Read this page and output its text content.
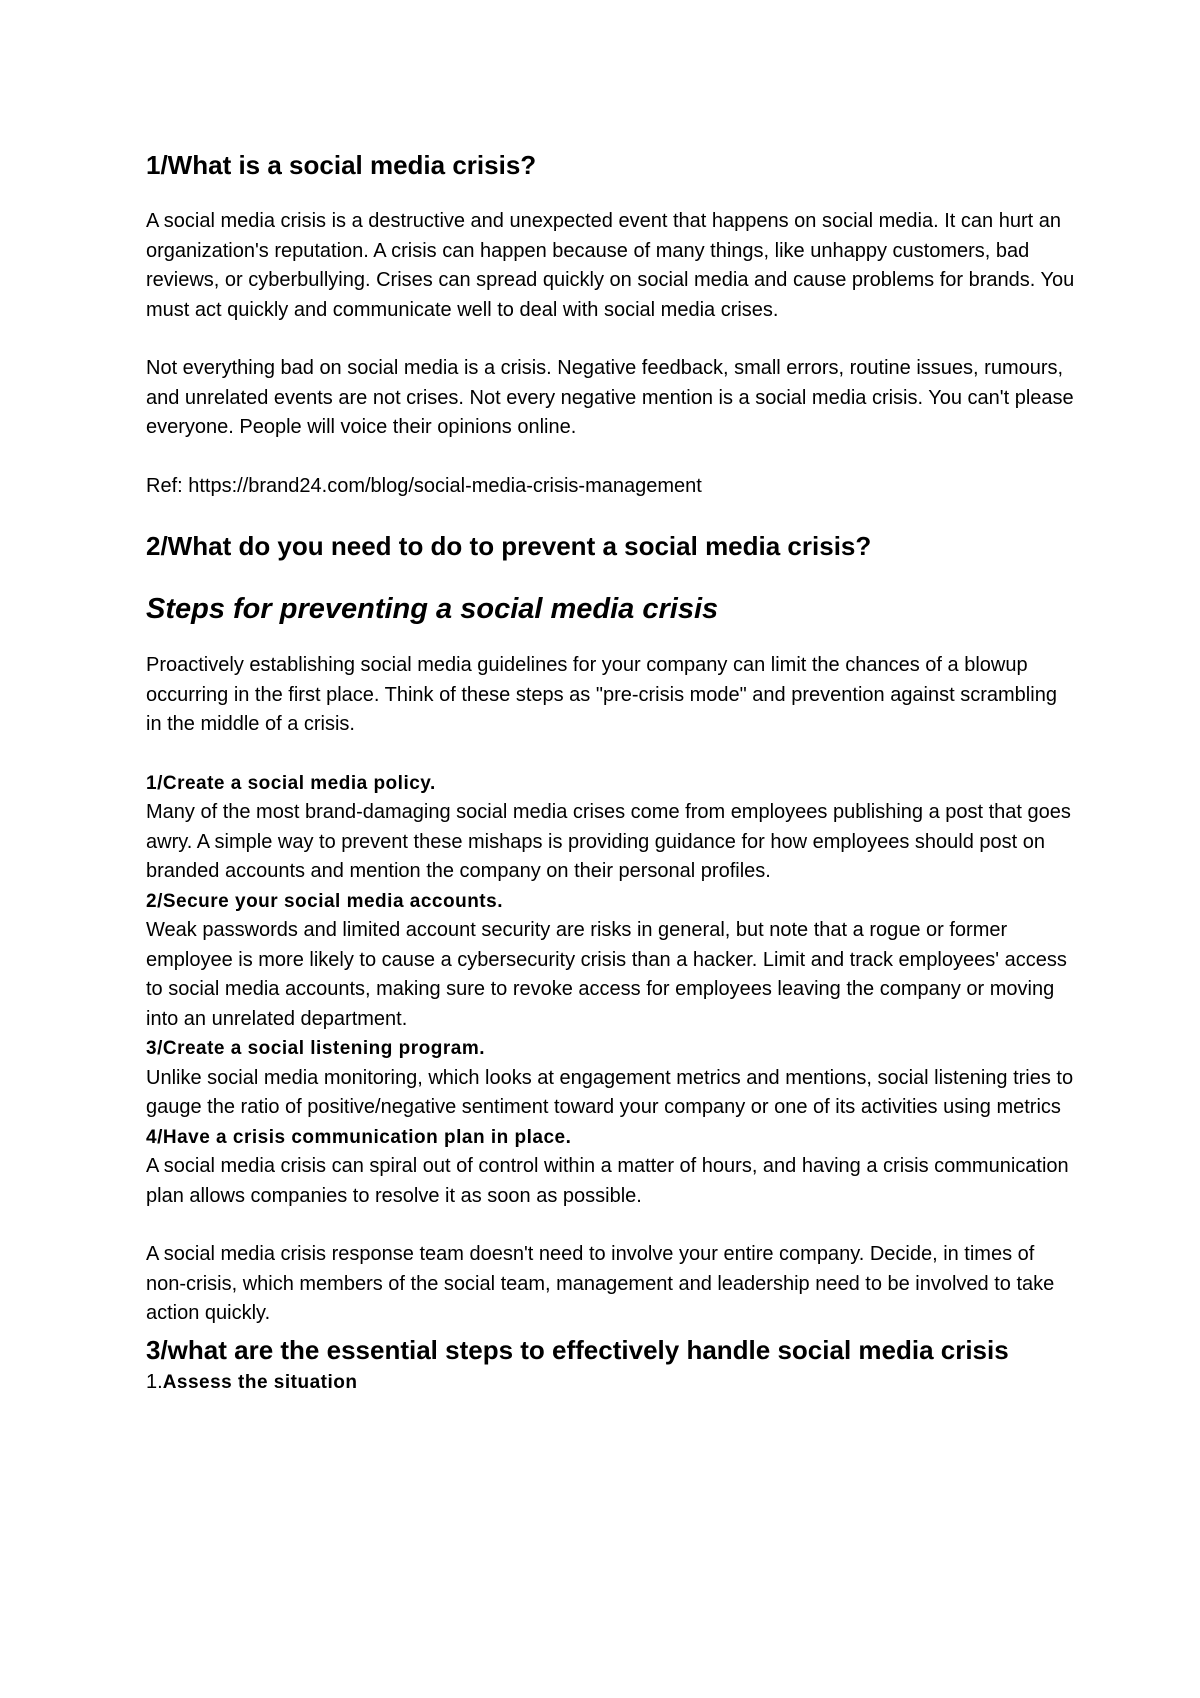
1/What is a social media crisis?

A social media crisis is a destructive and unexpected event that happens on social media. It can hurt an organization's reputation. A crisis can happen because of many things, like unhappy customers, bad reviews, or cyberbullying. Crises can spread quickly on social media and cause problems for brands. You must act quickly and communicate well to deal with social media crises.

Not everything bad on social media is a crisis. Negative feedback, small errors, routine issues, rumours, and unrelated events are not crises. Not every negative mention is a social media crisis. You can't please everyone. People will voice their opinions online.

Ref: https://brand24.com/blog/social-media-crisis-management

2/What do you need to do to prevent a social media crisis?
Steps for preventing a social media crisis

Proactively establishing social media guidelines for your company can limit the chances of a blowup occurring in the first place. Think of these steps as "pre-crisis mode" and prevention against scrambling in the middle of a crisis.

1/Create a social media policy.

Many of the most brand-damaging social media crises come from employees publishing a post that goes awry. A simple way to prevent these mishaps is providing guidance for how employees should post on branded accounts and mention the company on their personal profiles.

2/Secure your social media accounts.

Weak passwords and limited account security are risks in general, but note that a rogue or former employee is more likely to cause a cybersecurity crisis than a hacker. Limit and track employees' access to social media accounts, making sure to revoke access for employees leaving the company or moving into an unrelated department.

3/Create a social listening program.

Unlike social media monitoring, which looks at engagement metrics and mentions, social listening tries to gauge the ratio of positive/negative sentiment toward your company or one of its activities using metrics

4/Have a crisis communication plan in place.

A social media crisis can spiral out of control within a matter of hours, and having a crisis communication plan allows companies to resolve it as soon as possible.

A social media crisis response team doesn't need to involve your entire company. Decide, in times of non-crisis, which members of the social team, management and leadership need to be involved to take action quickly.

3/what are the essential steps to effectively handle social media crisis

1.Assess the situation
